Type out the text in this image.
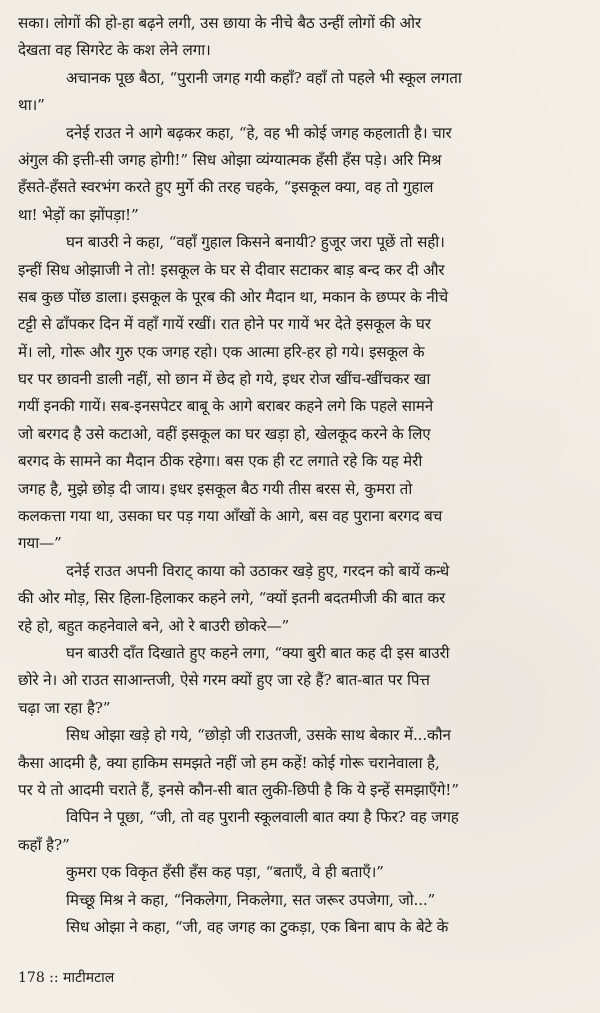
सका। लोगों की हो-हा बढ़ने लगी, उस छाया के नीचे बैठ उन्हीं लोगों की ओर
देखता वह सिगरेट के कश लेने लगा।
अचानक पूछ बैठा, “पुरानी जगह गयी कहाँ? वहाँ तो पहले भी स्कूल लगता
था।”
दनेई राउत ने आगे बढ़कर कहा, “हे, वह भी कोई जगह कहलाती है। चार
अंगुल की इत्ती-सी जगह होगी!” सिध ओझा व्यंग्यात्मक हँसी हँस पड़े। अरि मिश्र
हँसते-हँसते स्वरभंग करते हुए मुर्गे की तरह चहके, “इसकूल क्या, वह तो गुहाल
था! भेड़ों का झोंपड़ा!”
घन बाउरी ने कहा, “वहाँ गुहाल किसने बनायी? हुजूर जरा पूछें तो सही।
इन्हीं सिध ओझाजी ने तो! इसकूल के घर से दीवार सटाकर बाड़ बन्द कर दी और
सब कुछ पोंछ डाला। इसकूल के पूरब की ओर मैदान था, मकान के छप्पर के नीचे
टट्टी से ढाँपकर दिन में वहाँ गायें रखीं। रात होने पर गायें भर देते इसकूल के घर
में। लो, गोरू और गुरु एक जगह रहो। एक आत्मा हरि-हर हो गये। इसकूल के
घर पर छावनी डाली नहीं, सो छान में छेद हो गये, इधर रोज खींच-खींचकर खा
गयीं इनकी गायें। सब-इनसपेटर बाबू के आगे बराबर कहने लगे कि पहले सामने
जो बरगद है उसे कटाओ, वहीं इसकूल का घर खड़ा हो, खेलकूद करने के लिए
बरगद के सामने का मैदान ठीक रहेगा। बस एक ही रट लगाते रहे कि यह मेरी
जगह है, मुझे छोड़ दी जाय। इधर इसकूल बैठ गयी तीस बरस से, कुमरा तो
कलकत्ता गया था, उसका घर पड़ गया आँखों के आगे, बस वह पुराना बरगद बच
गया—”
दनेई राउत अपनी विराट् काया को उठाकर खड़े हुए, गरदन को बायें कन्धे
की ओर मोड़, सिर हिला-हिलाकर कहने लगे, “क्यों इतनी बदतमीजी की बात कर
रहे हो, बहुत कहनेवाले बने, ओ रे बाउरी छोकरे—”
घन बाउरी दाँत दिखाते हुए कहने लगा, “क्या बुरी बात कह दी इस बाउरी
छोरे ने। ओ राउत साआन्तजी, ऐसे गरम क्यों हुए जा रहे हैं? बात-बात पर पित्त
चढ़ा जा रहा है?”
सिध ओझा खड़े हो गये, “छोड़ो जी राउतजी, उसके साथ बेकार में...कौन
कैसा आदमी है, क्या हाकिम समझते नहीं जो हम कहें! कोई गोरू चरानेवाला है,
पर ये तो आदमी चराते हैं, इनसे कौन-सी बात लुकी-छिपी है कि ये इन्हें समझाएँगे!”
विपिन ने पूछा, “जी, तो वह पुरानी स्कूलवाली बात क्या है फिर? वह जगह
कहाँ है?”
कुमरा एक विकृत हँसी हँस कह पड़ा, “बताएँ, वे ही बताएँ।”
मिच्छू मिश्र ने कहा, “निकलेगा, निकलेगा, सत जरूर उपजेगा, जो...”
सिध ओझा ने कहा, “जी, वह जगह का टुकड़ा, एक बिना बाप के बेटे के
178 :: माटीमटाल
